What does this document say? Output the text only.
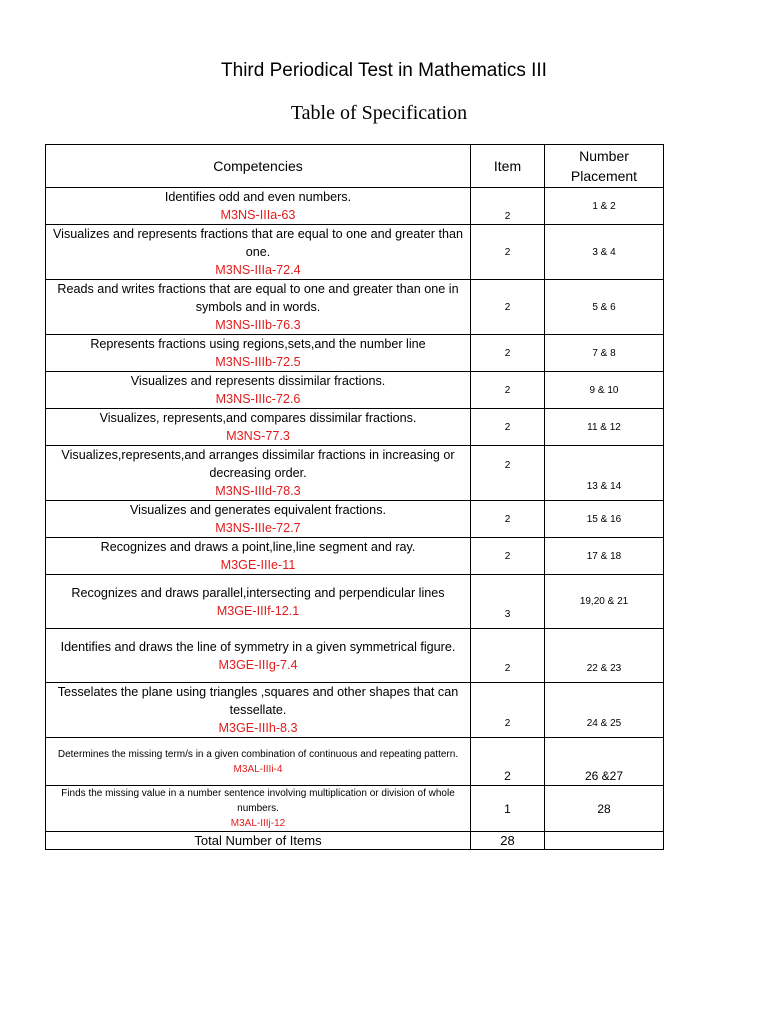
Third Periodical Test in Mathematics III
Table of Specification
Competencies	Item	Number Placement

Identifies odd and even numbers.
M3NS-IIIa-63	2	1 & 2

Visualizes and represents fractions that are equal to one and greater than one.
M3NS-IIIa-72.4	2	3 & 4

Reads and writes fractions that are equal to one and greater than one in symbols and in words.
M3NS-IIIb-76.3	2	5 & 6

Represents fractions using regions,sets,and the number line
M3NS-IIIb-72.5	2	7 & 8

Visualizes and represents dissimilar fractions.
M3NS-IIIc-72.6	2	9 & 10

Visualizes, represents,and compares dissimilar fractions.
M3NS-77.3	2	11 & 12

Visualizes,represents,and arranges dissimilar fractions in increasing or decreasing order.
M3NS-IIId-78.3	2	13 & 14

Visualizes and generates equivalent fractions.
M3NS-IIIe-72.7	2	15 & 16

Recognizes and draws a point,line,line segment and ray.
M3GE-IIIe-11	2	17 & 18

Recognizes and draws parallel,intersecting and perpendicular lines
M3GE-IIIf-12.1	3	19,20 & 21

Identifies and draws the line of symmetry in a given symmetrical figure.
M3GE-IIIg-7.4	2	22 & 23

Tesselates the plane using triangles ,squares and other shapes that can tessellate.
M3GE-IIIh-8.3	2	24 & 25

Determines the missing term/s in a given combination of continuous and repeating pattern.
M3AL-IIIi-4	2	26 &27

Finds the missing value in a number sentence involving multiplication or division of whole numbers.
M3AL-IIIj-12	1	28
Total Number of Items	28	
